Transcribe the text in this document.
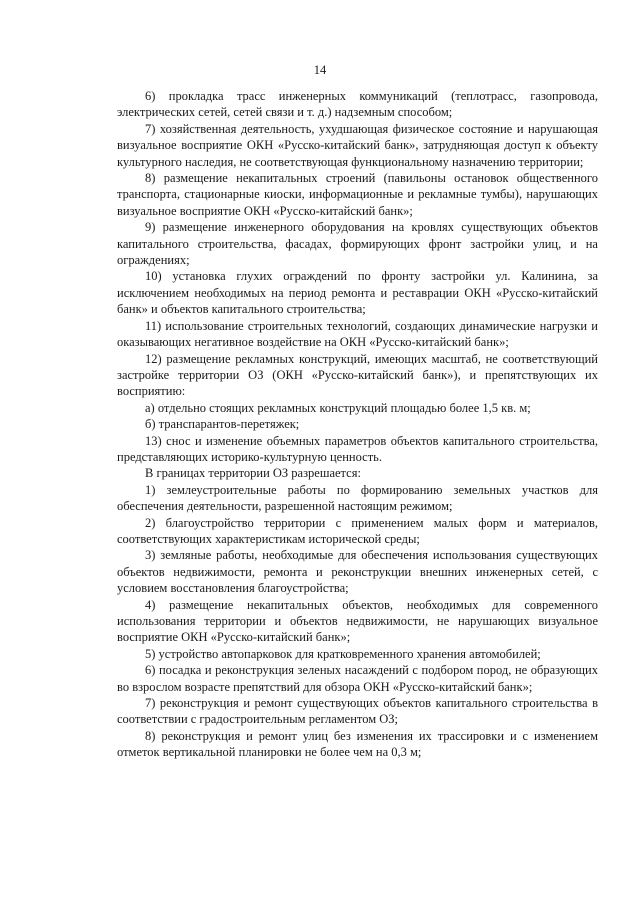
14

6) прокладка трасс инженерных коммуникаций (теплотрасс, газопровода, электрических сетей, сетей связи и т. д.) надземным способом;

7) хозяйственная деятельность, ухудшающая физическое состояние и нарушающая визуальное восприятие ОКН «Русско-китайский банк», затрудняющая доступ к объекту культурного наследия, не соответствующая функциональному назначению территории;

8) размещение некапитальных строений (павильоны остановок общественного транспорта, стационарные киоски, информационные и рекламные тумбы), нарушающих визуальное восприятие ОКН «Русско-китайский банк»;

9) размещение инженерного оборудования на кровлях существующих объектов капитального строительства, фасадах, формирующих фронт застройки улиц, и на ограждениях;

10) установка глухих ограждений по фронту застройки ул. Калинина, за исключением необходимых на период ремонта и реставрации ОКН «Русско-китайский банк» и объектов капитального строительства;

11) использование строительных технологий, создающих динамические нагрузки и оказывающих негативное воздействие на ОКН «Русско-китайский банк»;

12) размещение рекламных конструкций, имеющих масштаб, не соответствующий застройке территории ОЗ (ОКН «Русско-китайский банк»), и препятствующих их восприятию:

а) отдельно стоящих рекламных конструкций площадью более 1,5 кв. м;

б) транспарантов-перетяжек;

13) снос и изменение объемных параметров объектов капитального строительства, представляющих историко-культурную ценность.

В границах территории ОЗ разрешается:

1) землеустроительные работы по формированию земельных участков для обеспечения деятельности, разрешенной настоящим режимом;

2) благоустройство территории с применением малых форм и материалов, соответствующих характеристикам исторической среды;

3) земляные работы, необходимые для обеспечения использования существующих объектов недвижимости, ремонта и реконструкции внешних инженерных сетей, с условием восстановления благоустройства;

4) размещение некапитальных объектов, необходимых для современного использования территории и объектов недвижимости, не нарушающих визуальное восприятие ОКН «Русско-китайский банк»;

5) устройство автопарковок для кратковременного хранения автомобилей;

6) посадка и реконструкция зеленых насаждений с подбором пород, не образующих во взрослом возрасте препятствий для обзора ОКН «Русско-китайский банк»;

7) реконструкция и ремонт существующих объектов капитального строительства в соответствии с градостроительным регламентом ОЗ;

8) реконструкция и ремонт улиц без изменения их трассировки и с изменением отметок вертикальной планировки не более чем на 0,3 м;
